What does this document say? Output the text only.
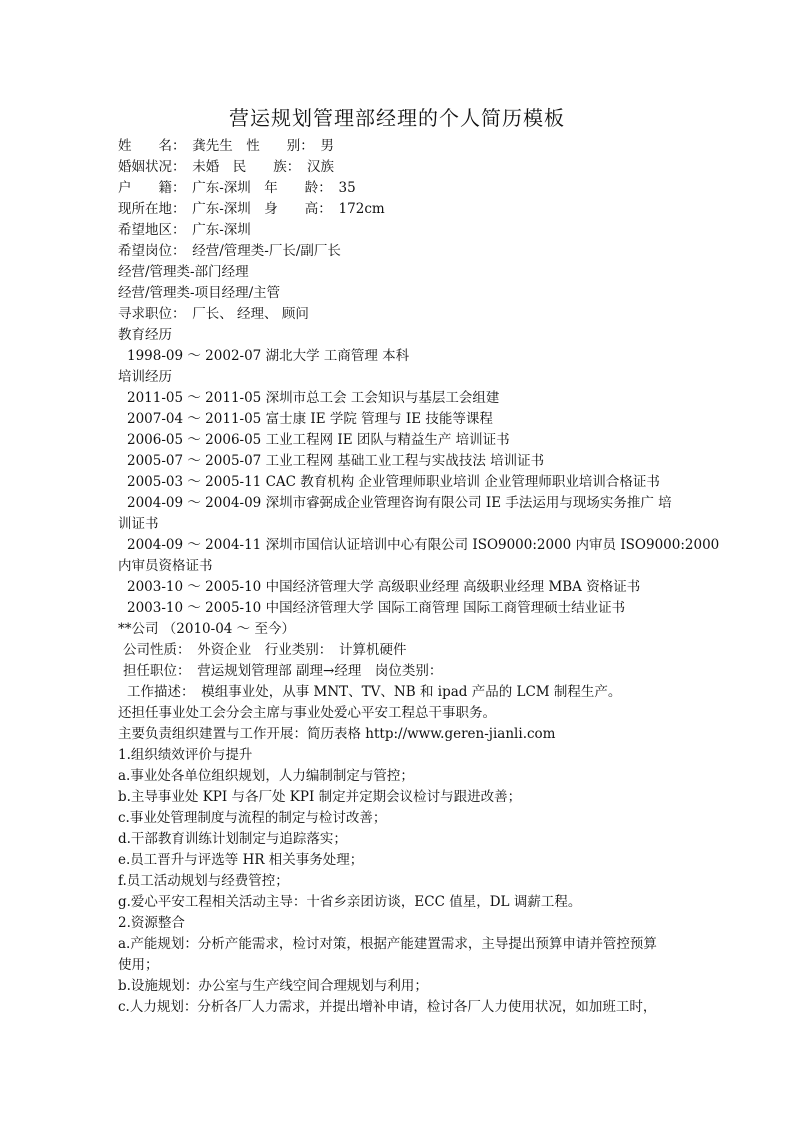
营运规划管理部经理的个人简历模板
姓　　名：　龚先生　性　　别：　男
婚姻状况：　未婚　民　　族：　汉族
户　　籍：　广东-深圳　年　　龄：　35
现所在地：　广东-深圳　身　　高：　172cm
希望地区：　广东-深圳
希望岗位：　经营/管理类-厂长/副厂长
经营/管理类-部门经理
经营/管理类-项目经理/主管
寻求职位：　厂长、 经理、 顾问
教育经历
1998-09 ～ 2002-07 湖北大学 工商管理 本科
培训经历
2011-05 ～ 2011-05 深圳市总工会 工会知识与基层工会组建
2007-04 ～ 2011-05 富士康 IE 学院 管理与 IE 技能等课程
2006-05 ～ 2006-05 工业工程网 IE 团队与精益生产 培训证书
2005-07 ～ 2005-07 工业工程网 基础工业工程与实战技法 培训证书
2005-03 ～ 2005-11 CAC 教育机构 企业管理师职业培训 企业管理师职业培训合格证书
2004-09 ～ 2004-09 深圳市睿弼成企业管理咨询有限公司 IE 手法运用与现场实务推广 培
训证书
2004-09 ～ 2004-11 深圳市国信认证培训中心有限公司 ISO9000:2000 内审员 ISO9000:2000
内审员资格证书
2003-10 ～ 2005-10 中国经济管理大学 高级职业经理 高级职业经理 MBA 资格证书
2003-10 ～ 2005-10 中国经济管理大学 国际工商管理 国际工商管理硕士结业证书
**公司 （2010-04 ～ 至今）
公司性质：　外资企业　行业类别：　计算机硬件
担任职位：　营运规划管理部 副理→经理　岗位类别：
工作描述：　模组事业处，从事 MNT、TV、NB 和 ipad 产品的 LCM 制程生产。
还担任事业处工会分会主席与事业处爱心平安工程总干事职务。
主要负责组织建置与工作开展：简历表格 http://www.geren-jianli.com
1.组织绩效评价与提升
a.事业处各单位组织规划，人力编制制定与管控；
b.主导事业处 KPI 与各厂处 KPI 制定并定期会议检讨与跟进改善；
c.事业处管理制度与流程的制定与检讨改善；
d.干部教育训练计划制定与追踪落实；
e.员工晋升与评选等 HR 相关事务处理；
f.员工活动规划与经费管控；
g.爱心平安工程相关活动主导：十省乡亲团访谈，ECC 值星，DL 调薪工程。
2.资源整合
a.产能规划：分析产能需求，检讨对策，根据产能建置需求，主导提出预算申请并管控预算
使用；
b.设施规划：办公室与生产线空间合理规划与利用；
c.人力规划：分析各厂人力需求，并提出增补申请，检讨各厂人力使用状况，如加班工时，
